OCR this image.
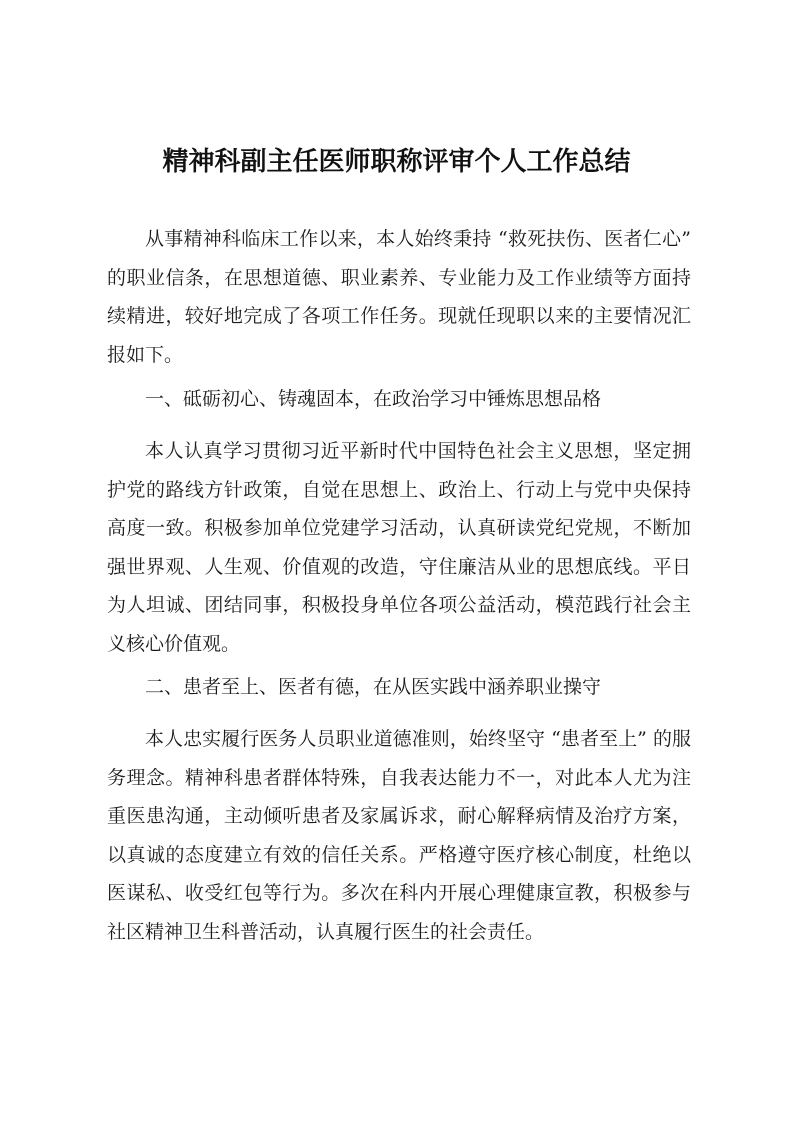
精神科副主任医师职称评审个人工作总结

从事精神科临床工作以来，本人始终秉持 “救死扶伤、医者仁心” 的职业信条，在思想道德、职业素养、专业能力及工作业绩等方面持续精进，较好地完成了各项工作任务。现就任现职以来的主要情况汇报如下。

一、砥砺初心、铸魂固本，在政治学习中锤炼思想品格

本人认真学习贯彻习近平新时代中国特色社会主义思想，坚定拥护党的路线方针政策，自觉在思想上、政治上、行动上与党中央保持高度一致。积极参加单位党建学习活动，认真研读党纪党规，不断加强世界观、人生观、价值观的改造，守住廉洁从业的思想底线。平日为人坦诚、团结同事，积极投身单位各项公益活动，模范践行社会主义核心价值观。

二、患者至上、医者有德，在从医实践中涵养职业操守

本人忠实履行医务人员职业道德准则，始终坚守 “患者至上” 的服务理念。精神科患者群体特殊，自我表达能力不一，对此本人尤为注重医患沟通，主动倾听患者及家属诉求，耐心解释病情及治疗方案，以真诚的态度建立有效的信任关系。严格遵守医疗核心制度，杜绝以医谋私、收受红包等行为。多次在科内开展心理健康宣教，积极参与社区精神卫生科普活动，认真履行医生的社会责任。
